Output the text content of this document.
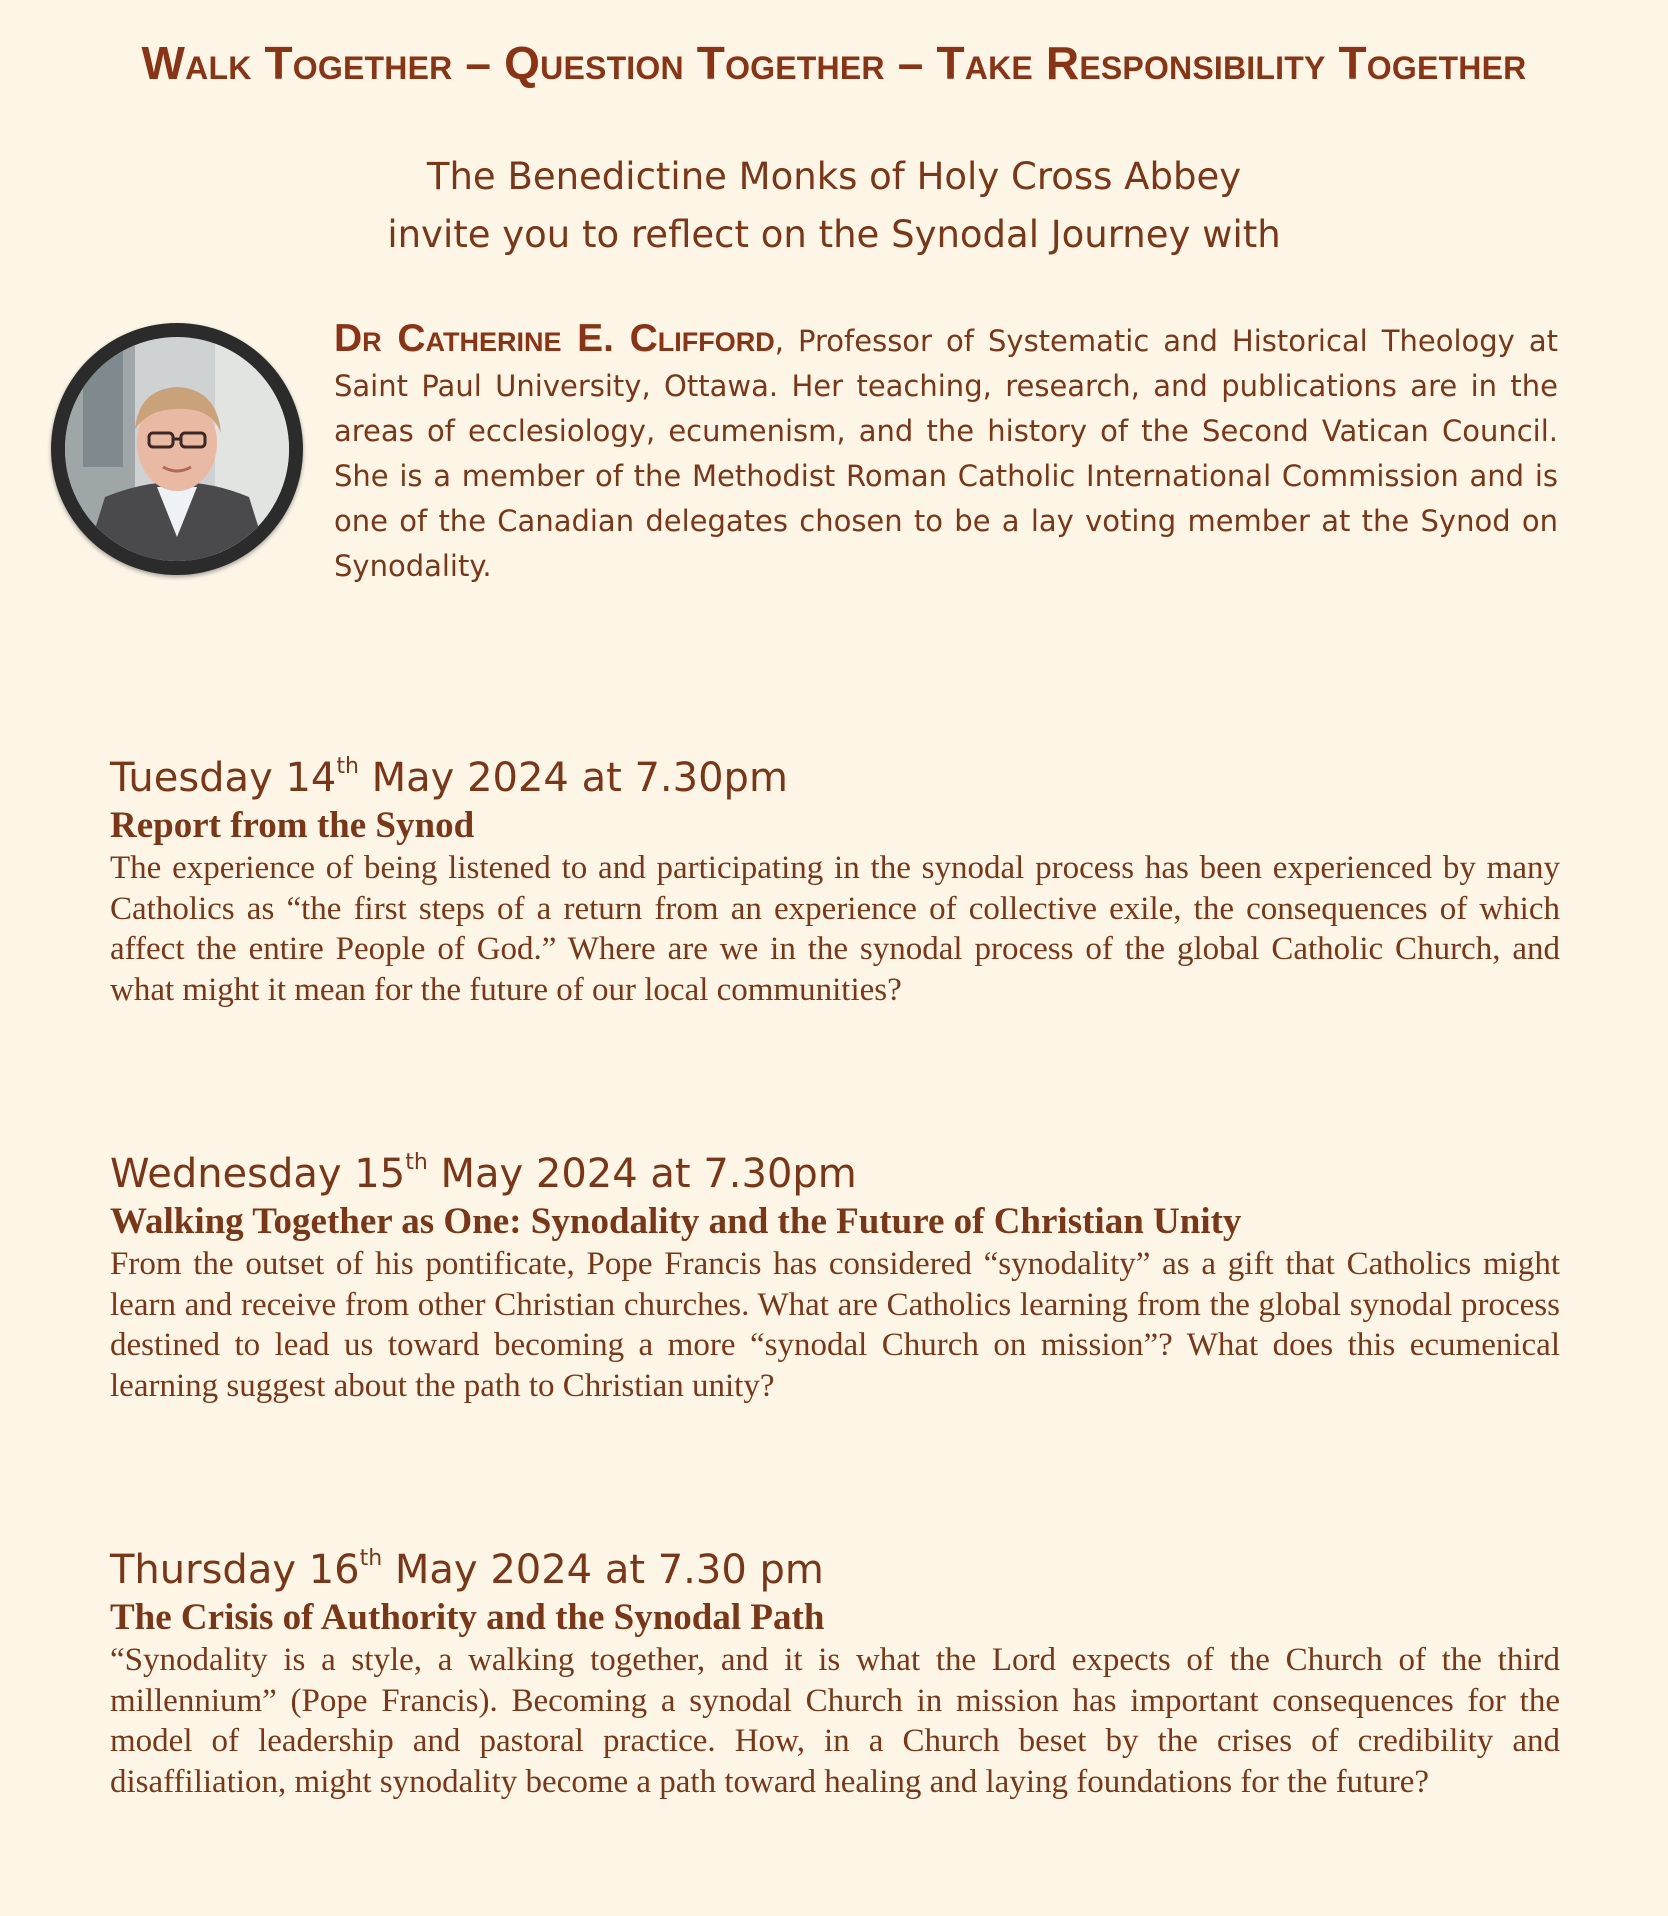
Walk Together – Question Together – Take Responsibility Together
The Benedictine Monks of Holy Cross Abbey
invite you to reflect on the Synodal Journey with
Dr Catherine E. Clifford, Professor of Systematic and Historical Theology at Saint Paul University, Ottawa. Her teaching, research, and publications are in the areas of ecclesiology, ecumenism, and the history of the Second Vatican Council. She is a member of the Methodist Roman Catholic International Commission and is one of the Canadian delegates chosen to be a lay voting member at the Synod on Synodality.
Tuesday 14th May 2024 at 7.30pm
Report from the Synod
The experience of being listened to and participating in the synodal process has been experienced by many Catholics as “the first steps of a return from an experience of collective exile, the consequences of which affect the entire People of God.” Where are we in the synodal process of the global Catholic Church, and what might it mean for the future of our local communities?
Wednesday 15th May 2024 at 7.30pm
Walking Together as One: Synodality and the Future of Christian Unity
From the outset of his pontificate, Pope Francis has considered “synodality” as a gift that Catholics might learn and receive from other Christian churches. What are Catholics learning from the global synodal process destined to lead us toward becoming a more “synodal Church on mission”? What does this ecumenical learning suggest about the path to Christian unity?
Thursday 16th May 2024 at 7.30 pm
The Crisis of Authority and the Synodal Path
“Synodality is a style, a walking together, and it is what the Lord expects of the Church of the third millennium” (Pope Francis). Becoming a synodal Church in mission has important consequences for the model of leadership and pastoral practice. How, in a Church beset by the crises of credibility and disaffiliation, might synodality become a path toward healing and laying foundations for the future?
